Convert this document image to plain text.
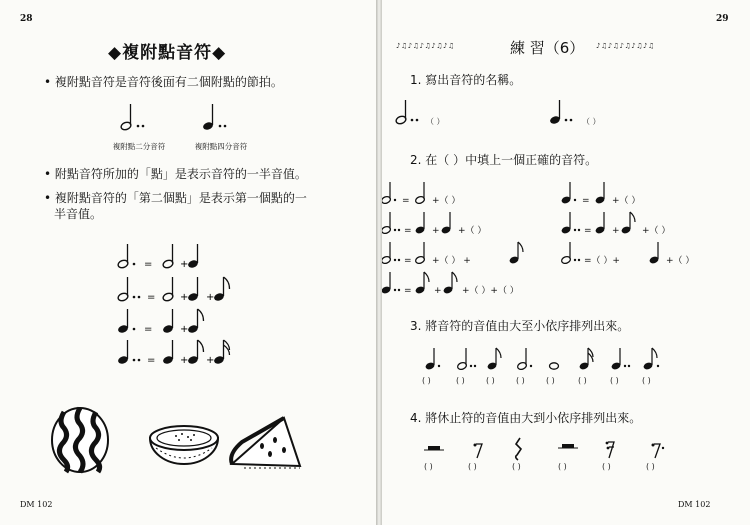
28
◆複附點音符◆
• 複附點音符是音符後面有二個附點的節拍。
複附點二分音符	複附點四分音符
• 附點音符所加的「點」是表示音符的一半音值。
• 複附點音符的「第二個點」是表示第一個點的一
半音值。
=	+
= + +
=	+
= + +
DM 102
29
♪♫♪♫♪♫♪♫♪♫	練 習（6） ♪♫♪♫♪♫♪♫♪♫
1. 寫出音符的名稱。
（ ）	（ ）
2. 在（ ）中填上一個正確的音符。
= +（ ）	= +（ ）
= + +（ ）	= + +（ ）
= +（ ） +	=（ ）+	+（ ）
= + +（ ）+（ ）
3. 將音符的音值由大至小依序排列出來。
( )	( )	( )	( )	( )	( )	( )	( )
4. 將休止符的音值由大到小依序排列出來。
( )	( )	( )	( )	( )	( )
DM 102
